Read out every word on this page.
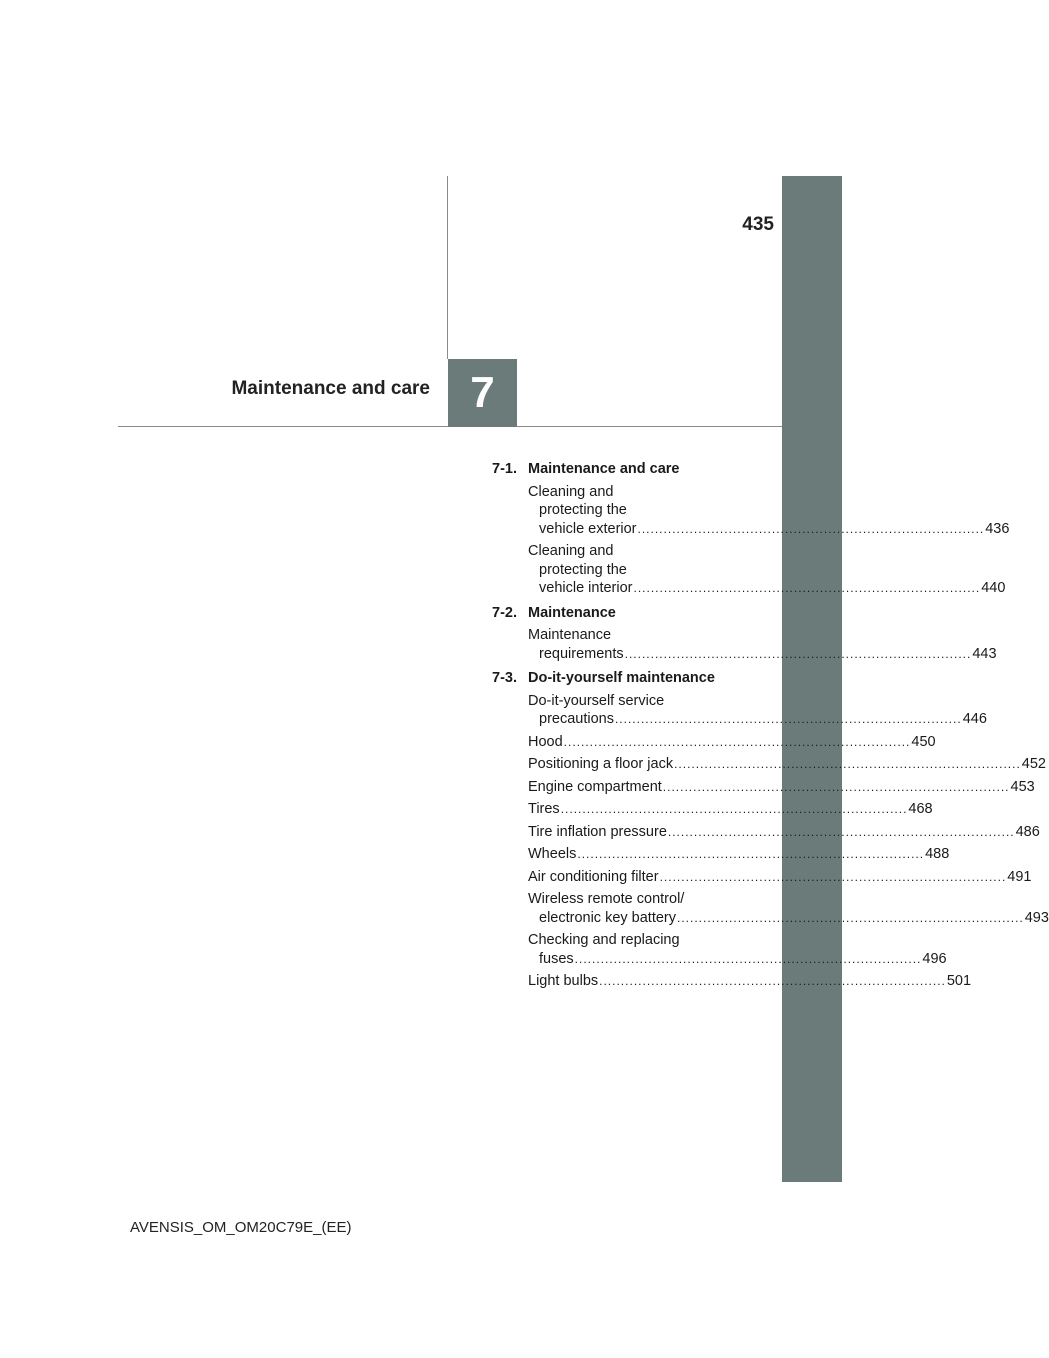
435
7
Maintenance and care
7-1. Maintenance and care
Cleaning and
protecting the
vehicle exterior ................................................................................ 436
Cleaning and
protecting the
vehicle interior ................................................................................ 440
7-2. Maintenance
Maintenance
requirements ................................................................................ 443
7-3. Do-it-yourself maintenance
Do-it-yourself service
precautions ................................................................................ 446
Hood ................................................................................ 450
Positioning a floor jack ................................................................................ 452
Engine compartment ................................................................................ 453
Tires ................................................................................ 468
Tire inflation pressure ................................................................................ 486
Wheels ................................................................................ 488
Air conditioning filter ................................................................................ 491
Wireless remote control/
electronic key battery ................................................................................ 493
Checking and replacing
fuses ................................................................................ 496
Light bulbs ................................................................................ 501
AVENSIS_OM_OM20C79E_(EE)
